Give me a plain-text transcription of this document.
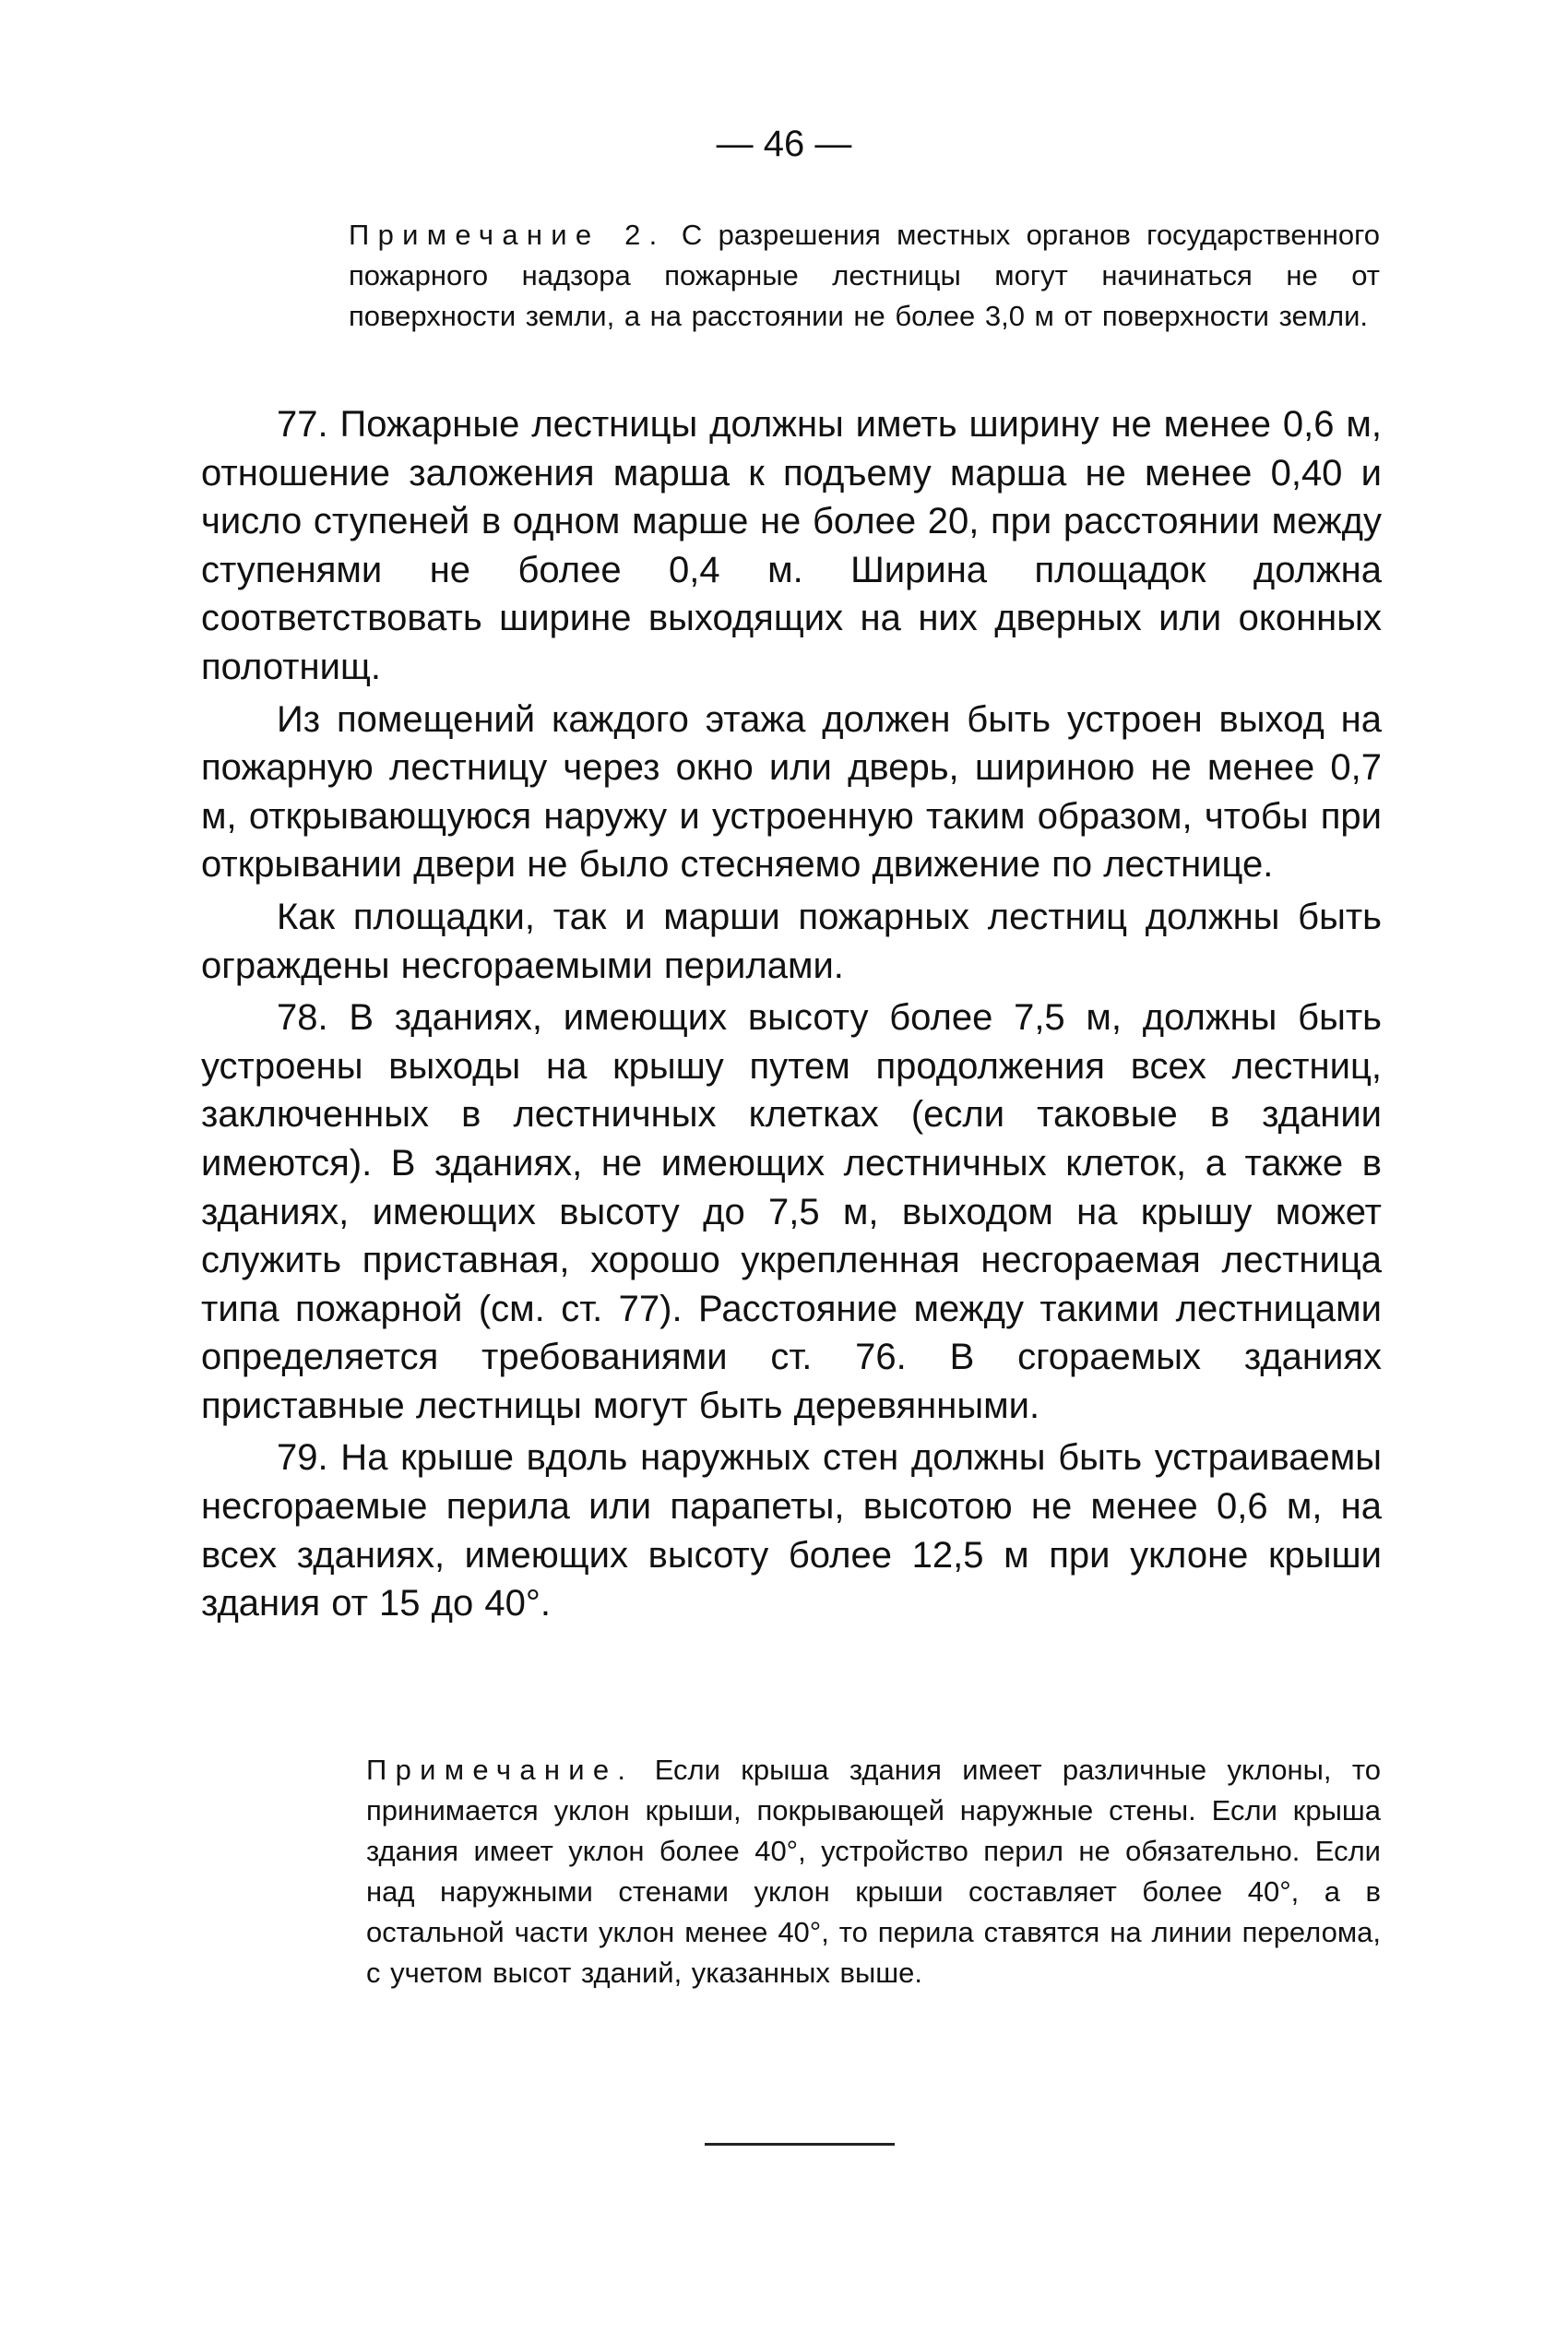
— 46 —
Примечание 2. С разрешения местных органов государственного пожарного надзора пожарные лестницы могут начинаться не от поверхности земли, а на расстоянии не более 3,0 м от поверхности земли.

77. Пожарные лестницы должны иметь ширину не менее 0,6 м, отношение заложения марша к подъему марша не менее 0,40 и число ступеней в одном марше не более 20, при расстоянии между ступенями не более 0,4 м. Ширина площадок должна соответствовать ширине выходящих на них дверных или оконных полотнищ.

Из помещений каждого этажа должен быть устроен выход на пожарную лестницу через окно или дверь, шириною не менее 0,7 м, открывающуюся наружу и устроенную таким образом, чтобы при открывании двери не было стесняемо движение по лестнице.

Как площадки, так и марши пожарных лестниц должны быть ограждены несгораемыми перилами.

78. В зданиях, имеющих высоту более 7,5 м, должны быть устроены выходы на крышу путем продолжения всех лестниц, заключенных в лестничных клетках (если таковые в здании имеются). В зданиях, не имеющих лестничных клеток, а также в зданиях, имеющих высоту до 7,5 м, выходом на крышу может служить приставная, хорошо укрепленная несгораемая лестница типа пожарной (см. ст. 77). Расстояние между такими лестницами определяется требованиями ст. 76. В сгораемых зданиях приставные лестницы могут быть деревянными.

79. На крыше вдоль наружных стен должны быть устраиваемы несгораемые перила или парапеты, высотою не менее 0,6 м, на всех зданиях, имеющих высоту более 12,5 м при уклоне крыши здания от 15 до 40°.

Примечание. Если крыша здания имеет различные уклоны, то принимается уклон крыши, покрывающей наружные стены. Если крыша здания имеет уклон более 40°, устройство перил не обязательно. Если над наружными стенами уклон крыши составляет более 40°, а в остальной части уклон менее 40°, то перила ставятся на линии перелома, с учетом высот зданий, указанных выше.
